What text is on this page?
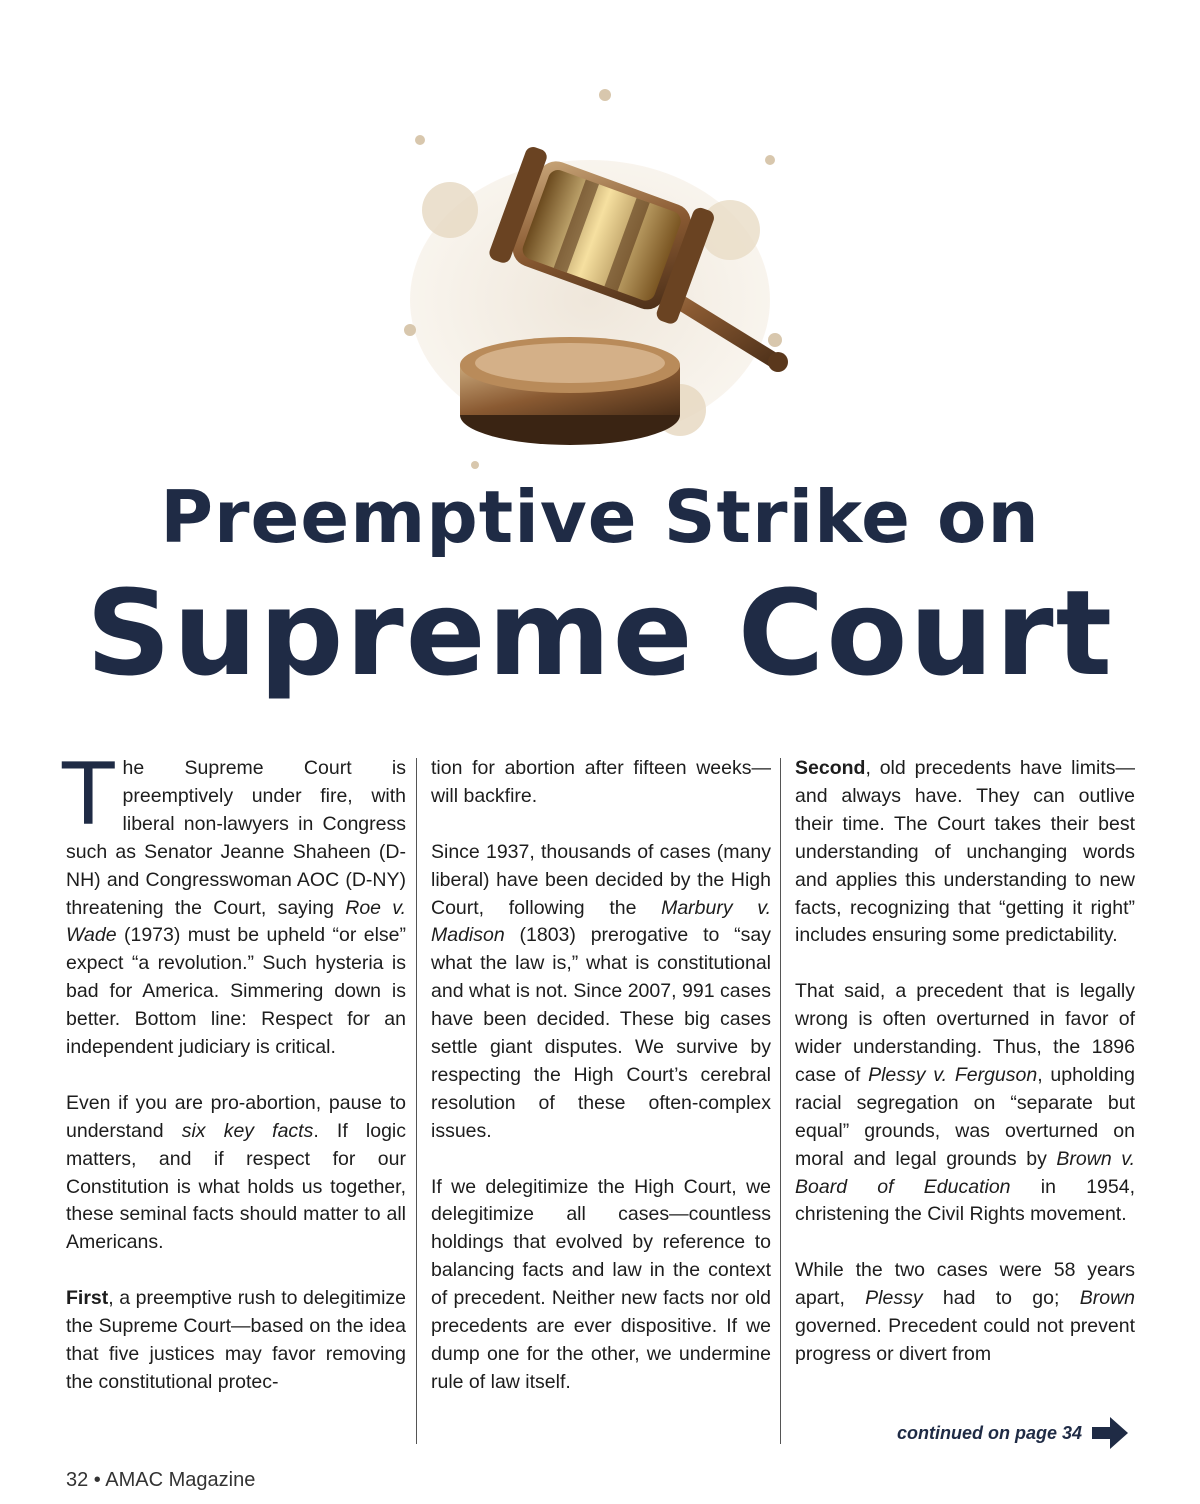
Preemptive Strike on
Supreme Court

The Supreme Court is preemptively under fire, with liberal non-lawyers in Congress such as Senator Jeanne Shaheen (D-NH) and Congresswoman AOC (D-NY) threatening the Court, saying Roe v. Wade (1973) must be upheld “or else” expect “a revolution.” Such hysteria is bad for America. Simmering down is better. Bottom line: Respect for an independent judiciary is critical.

Even if you are pro-abortion, pause to understand six key facts. If logic matters, and if respect for our Constitution is what holds us together, these seminal facts should matter to all Americans.

First, a preemptive rush to delegitimize the Supreme Court—based on the idea that five justices may favor removing the constitutional protec-

tion for abortion after fifteen weeks—will backfire.

Since 1937, thousands of cases (many liberal) have been decided by the High Court, following the Marbury v. Madison (1803) prerogative to “say what the law is,” what is constitutional and what is not. Since 2007, 991 cases have been decided. These big cases settle giant disputes. We survive by respecting the High Court’s cerebral resolution of these often-complex issues.

If we delegitimize the High Court, we delegitimize all cases—countless holdings that evolved by reference to balancing facts and law in the context of precedent. Neither new facts nor old precedents are ever dispositive. If we dump one for the other, we undermine rule of law itself.

Second, old precedents have limits—and always have. They can outlive their time. The Court takes their best understanding of unchanging words and applies this understanding to new facts, recognizing that “getting it right” includes ensuring some predictability.

That said, a precedent that is legally wrong is often overturned in favor of wider understanding. Thus, the 1896 case of Plessy v. Ferguson, upholding racial segregation on “separate but equal” grounds, was overturned on moral and legal grounds by Brown v. Board of Education in 1954, christening the Civil Rights movement.

While the two cases were 58 years apart, Plessy had to go; Brown governed. Precedent could not prevent progress or divert from

32 • AMAC Magazine
continued on page 34
